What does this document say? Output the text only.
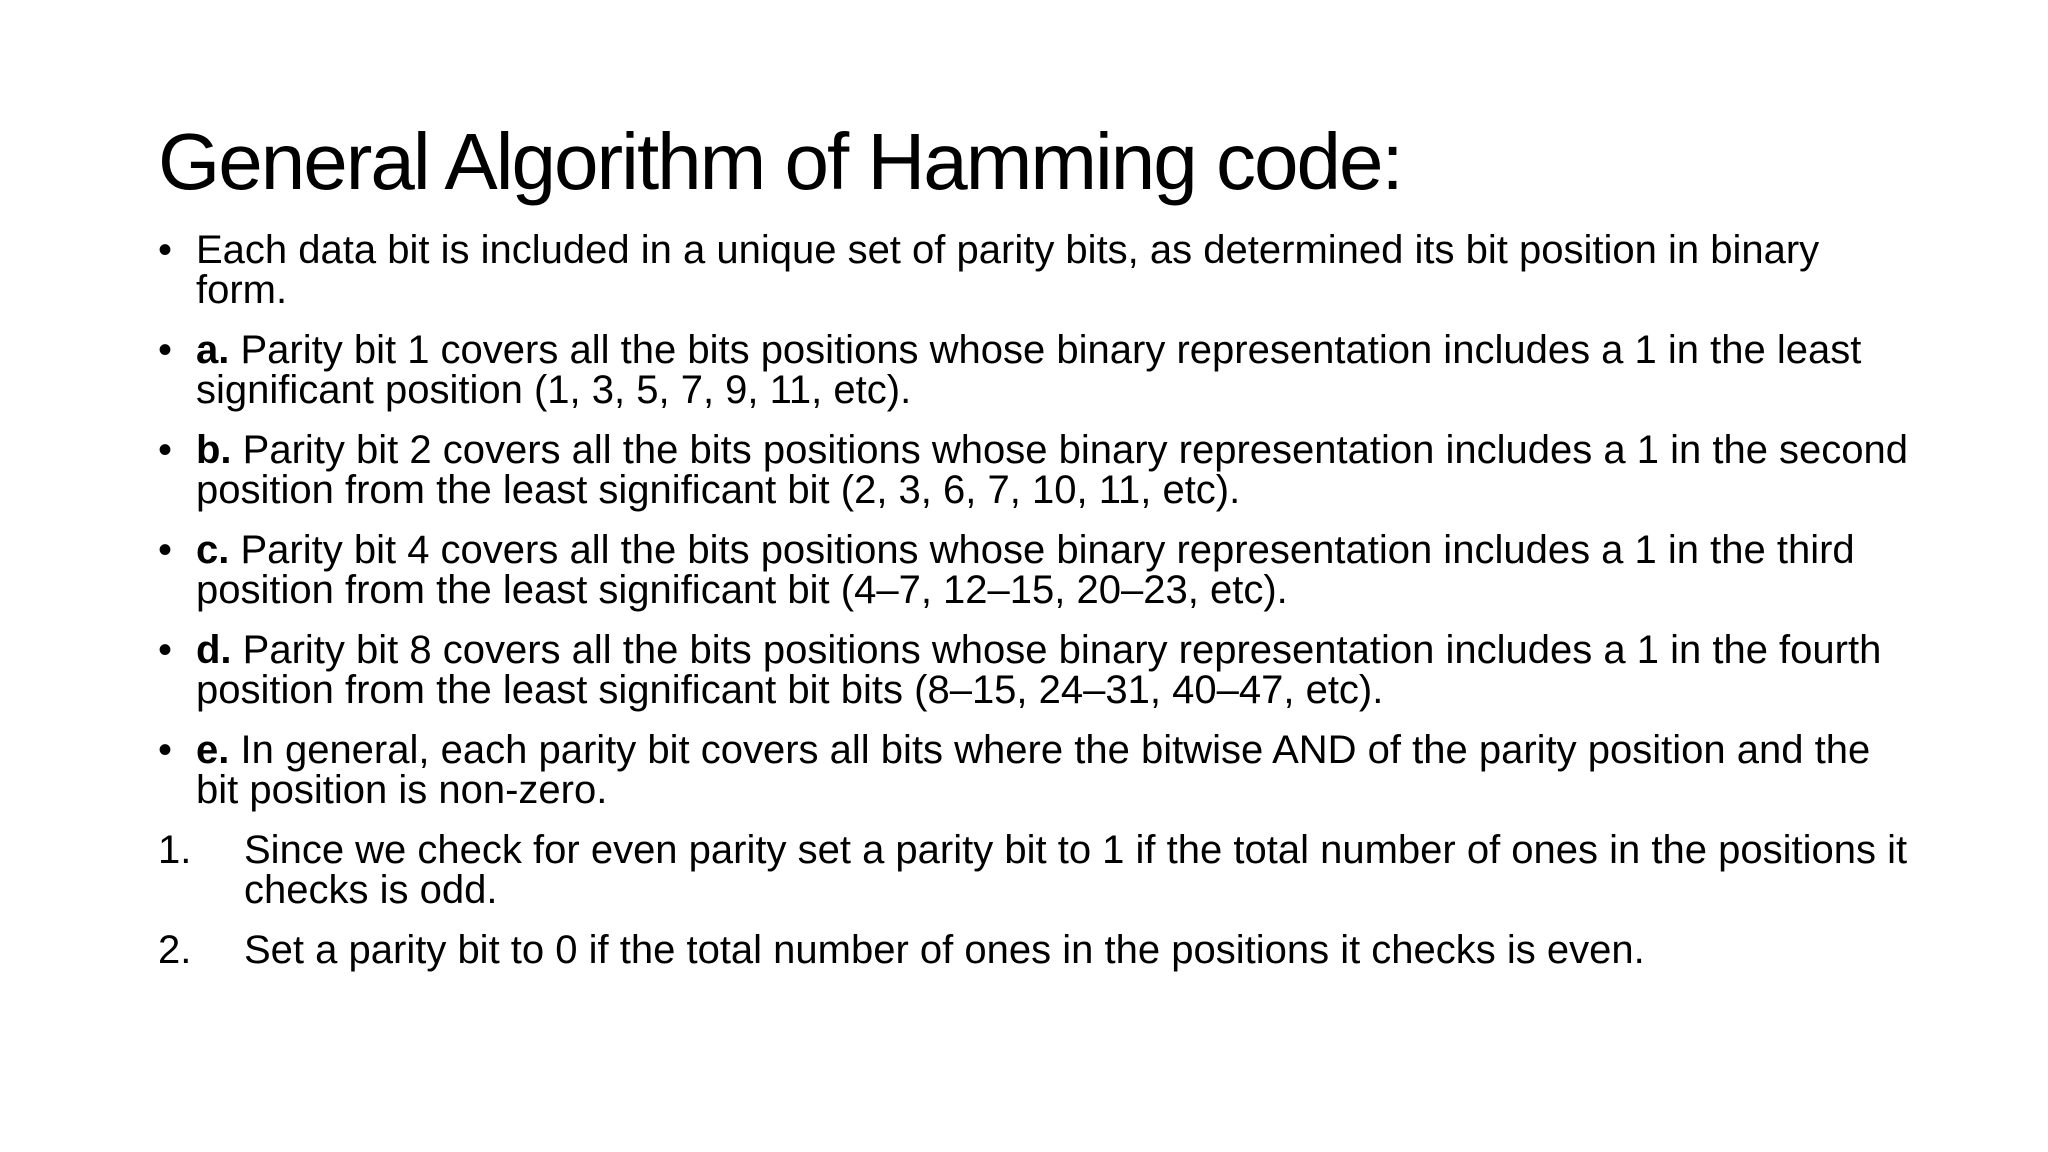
General Algorithm of Hamming code:
• Each data bit is included in a unique set of parity bits, as determined its bit position in binary form.
• a. Parity bit 1 covers all the bits positions whose binary representation includes a 1 in the least significant position (1, 3, 5, 7, 9, 11, etc).
• b. Parity bit 2 covers all the bits positions whose binary representation includes a 1 in the second position from the least significant bit (2, 3, 6, 7, 10, 11, etc).
• c. Parity bit 4 covers all the bits positions whose binary representation includes a 1 in the third position from the least significant bit (4–7, 12–15, 20–23, etc).
• d. Parity bit 8 covers all the bits positions whose binary representation includes a 1 in the fourth position from the least significant bit bits (8–15, 24–31, 40–47, etc).
• e. In general, each parity bit covers all bits where the bitwise AND of the parity position and the bit position is non-zero.
1. Since we check for even parity set a parity bit to 1 if the total number of ones in the positions it checks is odd.
2. Set a parity bit to 0 if the total number of ones in the positions it checks is even.
